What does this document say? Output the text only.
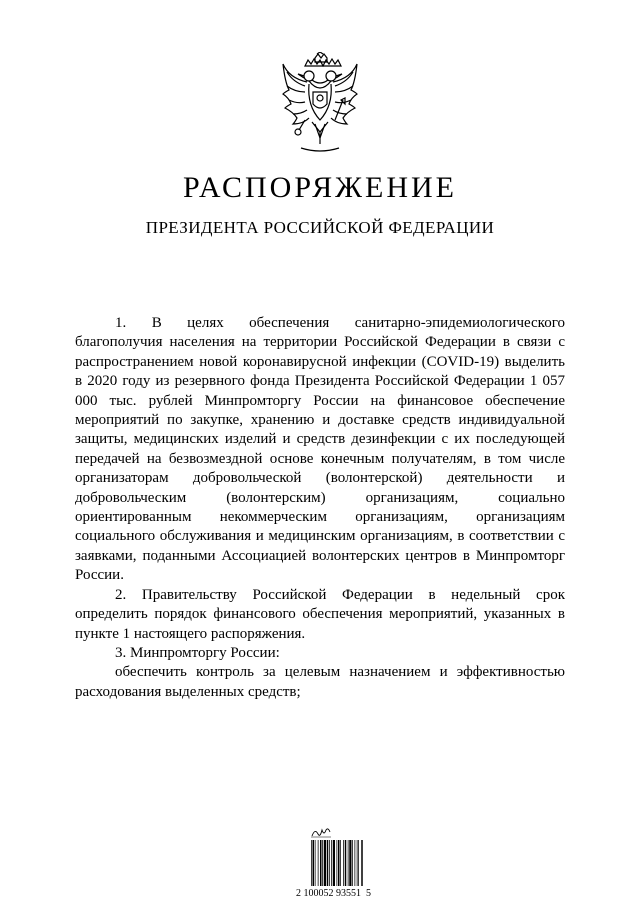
РАСПОРЯЖЕНИЕ
ПРЕЗИДЕНТА РОССИЙСКОЙ ФЕДЕРАЦИИ

1. В целях обеспечения санитарно-эпидемиологического благополучия населения на территории Российской Федерации в связи с распространением новой коронавирусной инфекции (COVID-19) выделить в 2020 году из резервного фонда Президента Российской Федерации 1 057 000 тыс. рублей Минпромторгу России на финансовое обеспечение мероприятий по закупке, хранению и доставке средств индивидуальной защиты, медицинских изделий и средств дезинфекции с их последующей передачей на безвозмездной основе конечным получателям, в том числе организаторам добровольческой (волонтерской) деятельности и добровольческим (волонтерским) организациям, социально ориентированным некоммерческим организациям, организациям социального обслуживания и медицинским организациям, в соответствии с заявками, поданными Ассоциацией волонтерских центров в Минпромторг России.

2. Правительству Российской Федерации в недельный срок определить порядок финансового обеспечения мероприятий, указанных в пункте 1 настоящего распоряжения.

3. Минпромторгу России:

обеспечить контроль за целевым назначением и эффективностью расходования выделенных средств;

2 100052 93551  5
